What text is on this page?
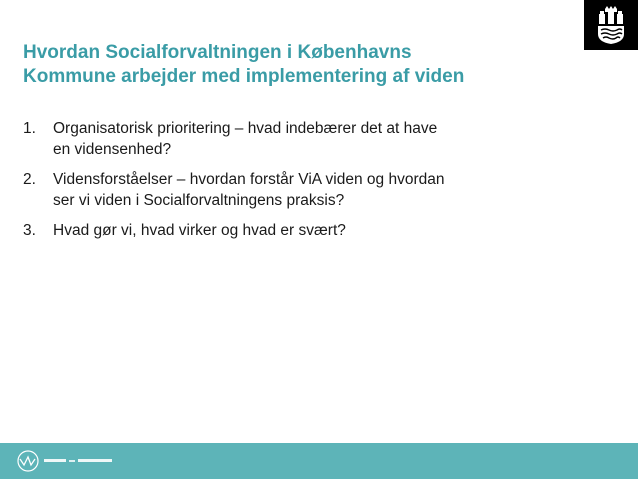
Hvordan Socialforvaltningen i Københavns
Kommune arbejder med implementering af viden
1. Organisatorisk prioritering – hvad indebærer det at have
en vidensenhed?
2. Vidensforståelser – hvordan forstår ViA viden og hvordan
ser vi viden i Socialforvaltningens praksis?
3. Hvad gør vi, hvad virker og hvad er svært?
